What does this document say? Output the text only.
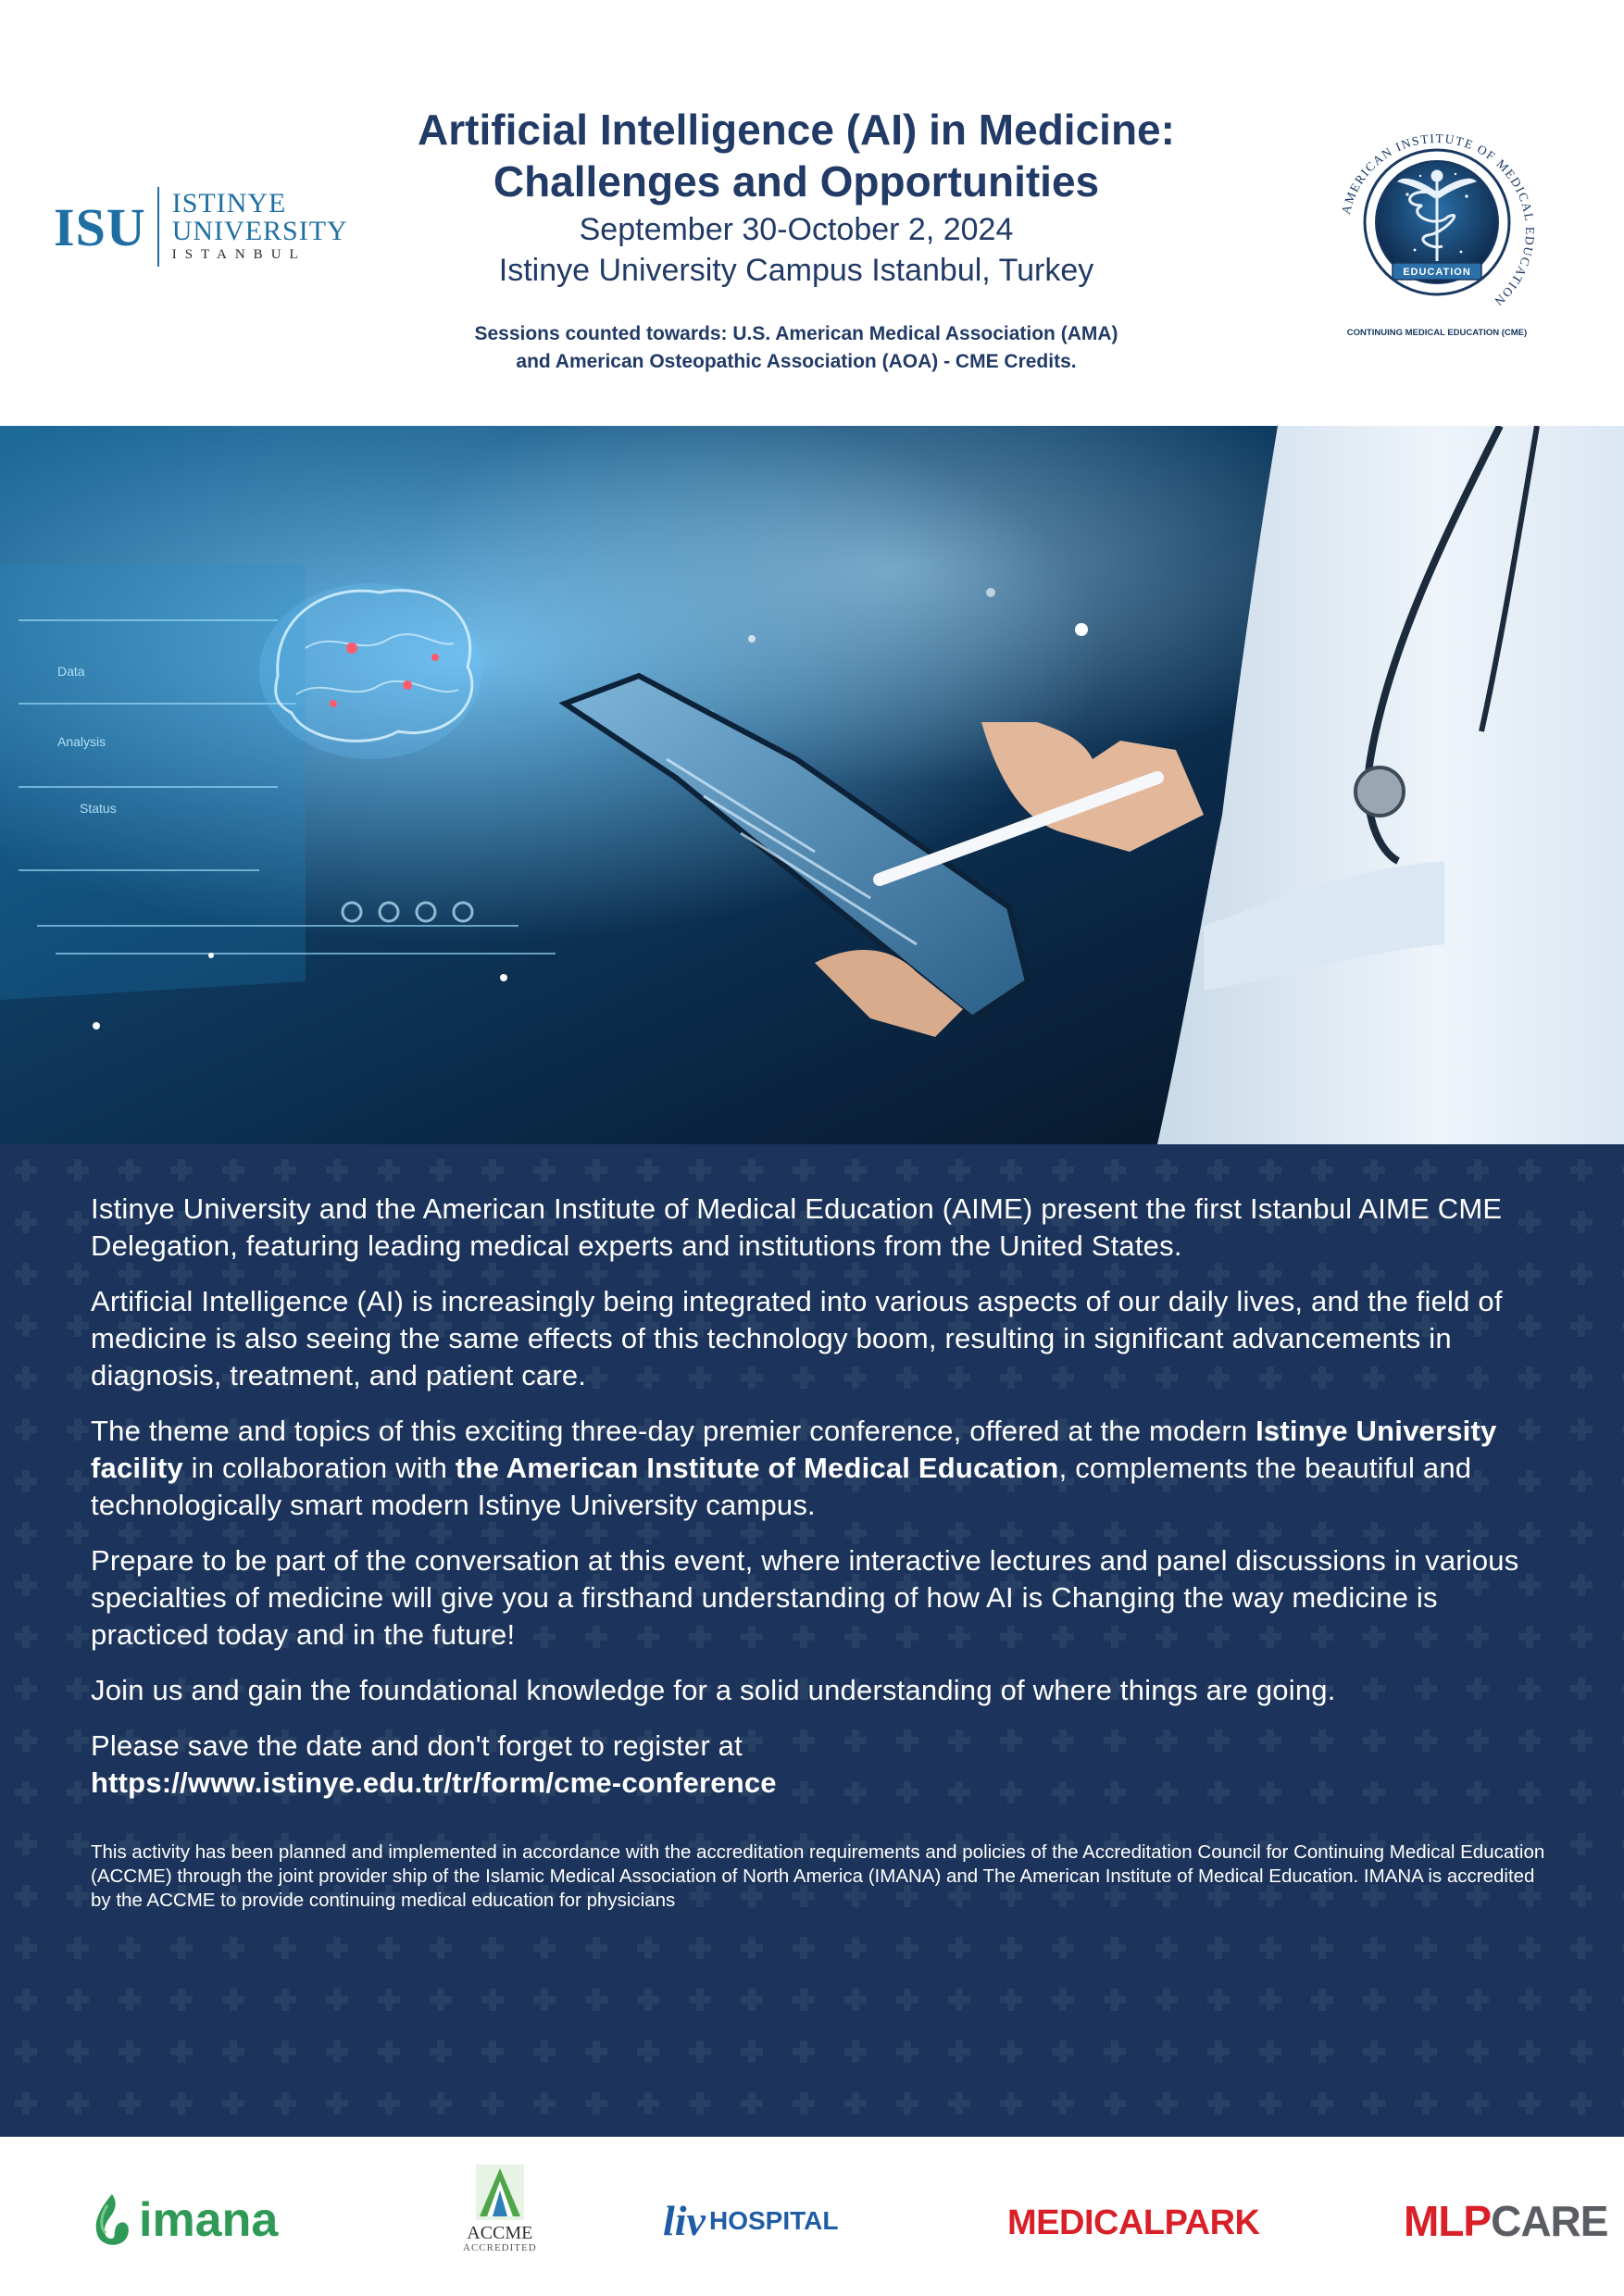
ISU ISTINYE
UNIVERSITY
ISTANBUL
Artificial Intelligence (AI) in Medicine:
Challenges and Opportunities
September 30-October 2, 2024
Istinye University Campus Istanbul, Turkey
Sessions counted towards: U.S. American Medical Association (AMA)
and American Osteopathic Association (AOA) - CME Credits.
AMERICAN INSTITUTE OF MEDICAL EDUCATION
EDUCATION
CONTINUING MEDICAL EDUCATION (CME)
Data
Analysis
Status

Istinye University and the American Institute of Medical Education (AIME) present the first Istanbul AIME CME Delegation, featuring leading medical experts and institutions from the United States.

Artificial Intelligence (AI) is increasingly being integrated into various aspects of our daily lives, and the field of medicine is also seeing the same effects of this technology boom, resulting in significant advancements in diagnosis, treatment, and patient care.

The theme and topics of this exciting three-day premier conference, offered at the modern Istinye University facility in collaboration with the American Institute of Medical Education, complements the beautiful and technologically smart modern Istinye University campus.

Prepare to be part of the conversation at this event, where interactive lectures and panel discussions in various specialties of medicine will give you a firsthand understanding of how AI is Changing the way medicine is practiced today and in the future!

Join us and gain the foundational knowledge for a solid understanding of where things are going.

Please save the date and don't forget to register at
https://www.istinye.edu.tr/tr/form/cme-conference

This activity has been planned and implemented in accordance with the accreditation requirements and policies of the Accreditation Council for Continuing Medical Education (ACCME) through the joint provider ship of the Islamic Medical Association of North America (IMANA) and The American Institute of Medical Education. IMANA is accredited by the ACCME to provide continuing medical education for physicians

imana	ACCME
ACCREDITED
liv HOSPITAL	MEDICALPARK	MLP CARE
